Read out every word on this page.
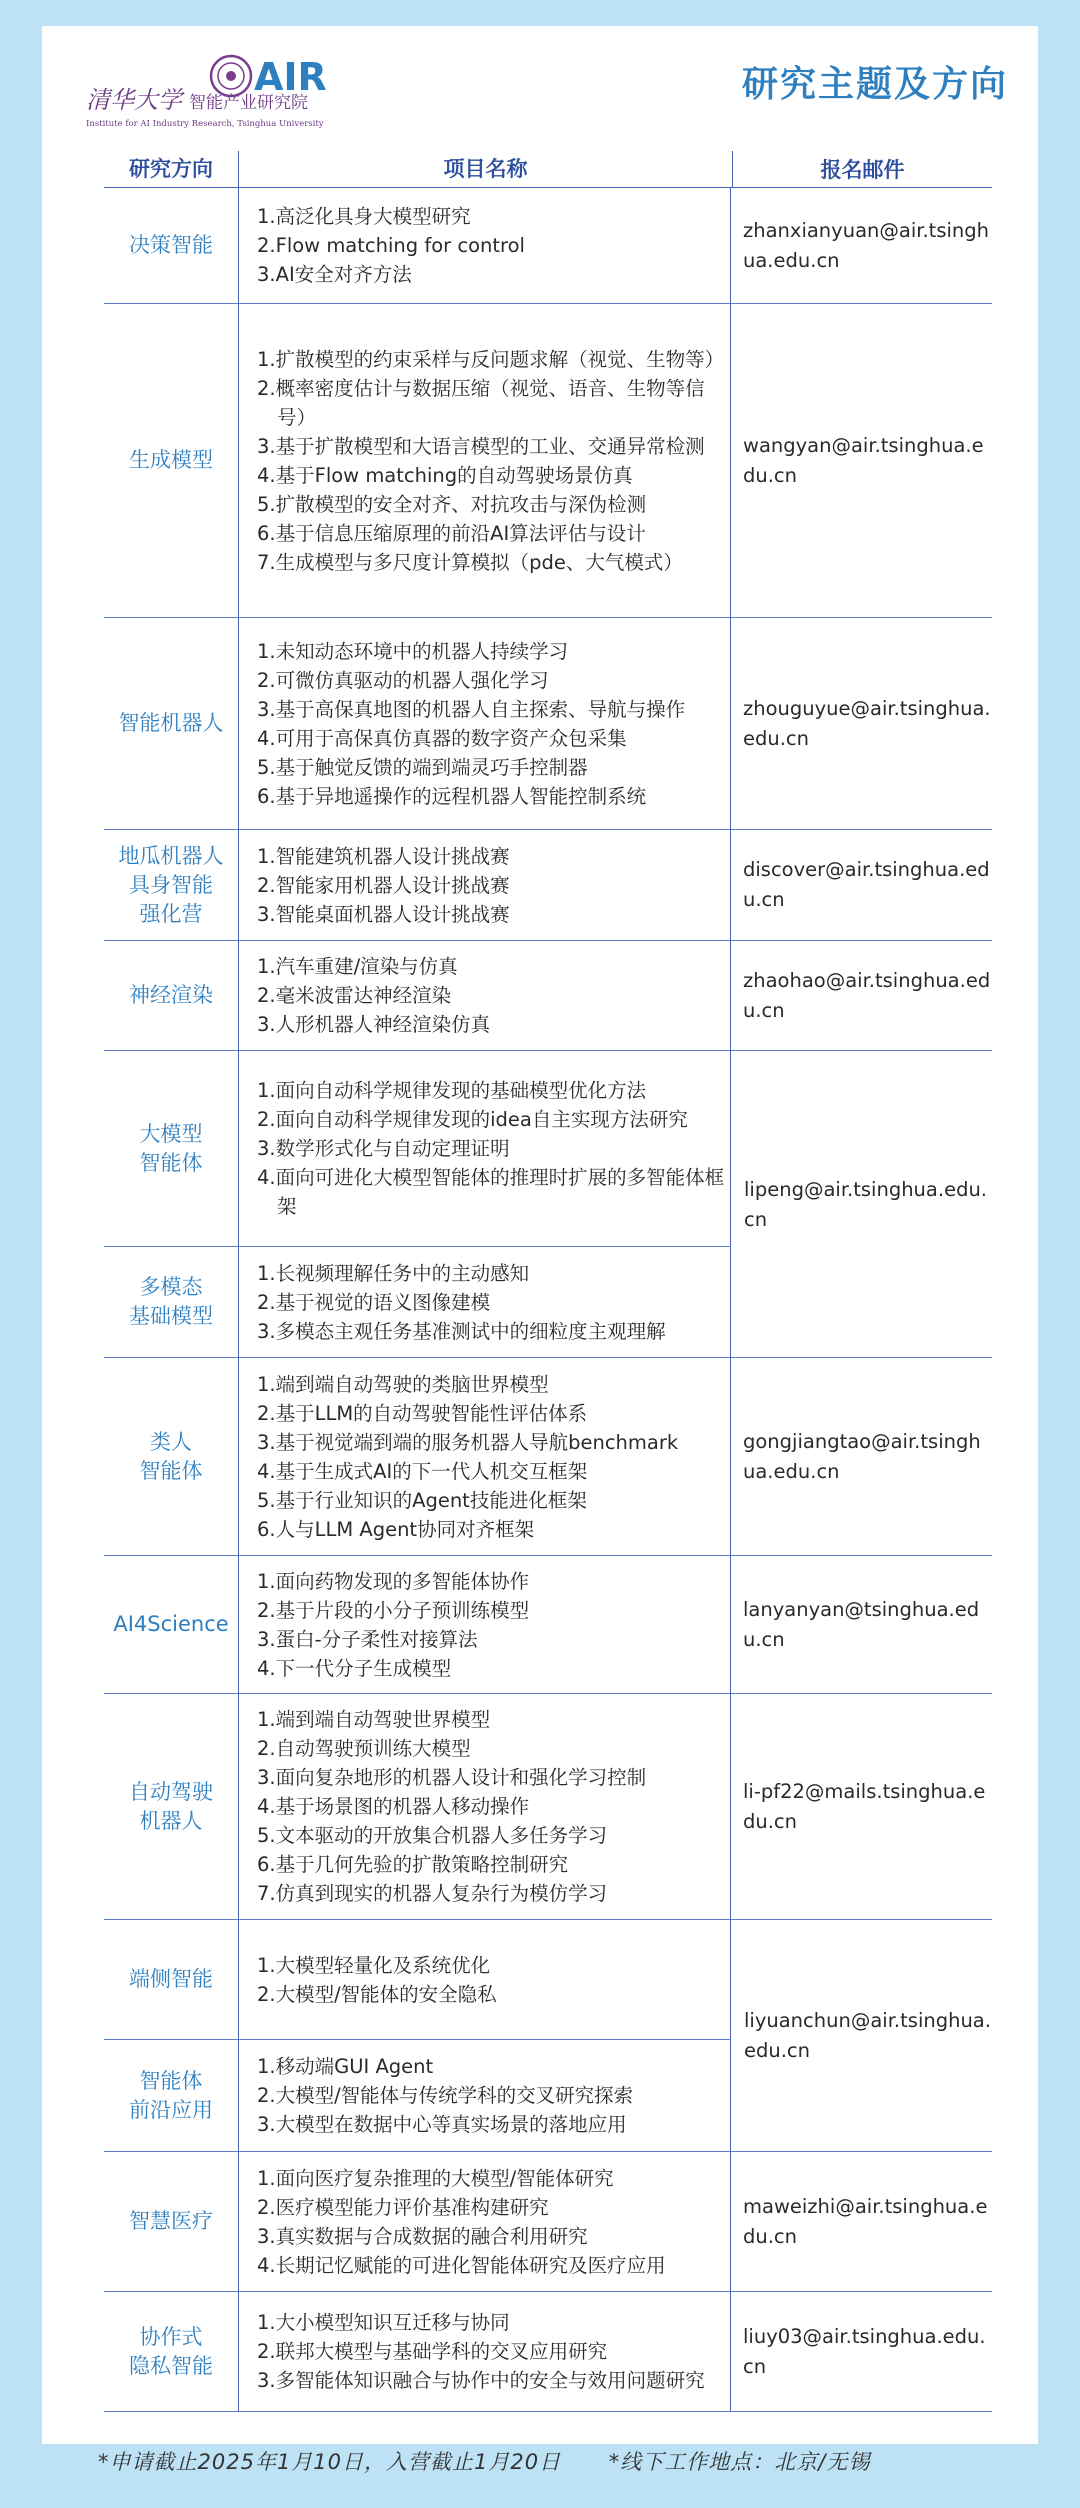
清华大学
AIR
智能产业研究院
Institute for AI Industry Research, Tsinghua University
研究主题及方向
研究方向	项目名称	报名邮件
决策智能
1.高泛化具身大模型研究
2.Flow matching for control
3.AI安全对齐方法
zhanxianyuan@air.tsinghua.edu.cn
生成模型
1.扩散模型的约束采样与反问题求解（视觉、生物等）
2.概率密度估计与数据压缩（视觉、语音、生物等信号）
3.基于扩散模型和大语言模型的工业、交通异常检测
4.基于Flow matching的自动驾驶场景仿真
5.扩散模型的安全对齐、对抗攻击与深伪检测
6.基于信息压缩原理的前沿AI算法评估与设计
7.生成模型与多尺度计算模拟（pde、大气模式）
wangyan@air.tsinghua.edu.cn
智能机器人
1.未知动态环境中的机器人持续学习
2.可微仿真驱动的机器人强化学习
3.基于高保真地图的机器人自主探索、导航与操作
4.可用于高保真仿真器的数字资产众包采集
5.基于触觉反馈的端到端灵巧手控制器
6.基于异地遥操作的远程机器人智能控制系统
zhouguyue@air.tsinghua.edu.cn
地瓜机器人
具身智能
强化营
1.智能建筑机器人设计挑战赛
2.智能家用机器人设计挑战赛
3.智能桌面机器人设计挑战赛
discover@air.tsinghua.edu.cn
神经渲染
1.汽车重建/渲染与仿真
2.毫米波雷达神经渲染
3.人形机器人神经渲染仿真
zhaohao@air.tsinghua.edu.cn
大模型
智能体
1.面向自动科学规律发现的基础模型优化方法
2.面向自动科学规律发现的idea自主实现方法研究
3.数学形式化与自动定理证明
4.面向可进化大模型智能体的推理时扩展的多智能体框架
多模态
基础模型
1.长视频理解任务中的主动感知
2.基于视觉的语义图像建模
3.多模态主观任务基准测试中的细粒度主观理解
类人
智能体
1.端到端自动驾驶的类脑世界模型
2.基于LLM的自动驾驶智能性评估体系
3.基于视觉端到端的服务机器人导航benchmark
4.基于生成式AI的下一代人机交互框架
5.基于行业知识的Agent技能进化框架
6.人与LLM Agent协同对齐框架
gongjiangtao@air.tsinghua.edu.cn
AI4Science
1.面向药物发现的多智能体协作
2.基于片段的小分子预训练模型
3.蛋白-分子柔性对接算法
4.下一代分子生成模型
lanyanyan@tsinghua.edu.cn
自动驾驶
机器人
1.端到端自动驾驶世界模型
2.自动驾驶预训练大模型
3.面向复杂地形的机器人设计和强化学习控制
4.基于场景图的机器人移动操作
5.文本驱动的开放集合机器人多任务学习
6.基于几何先验的扩散策略控制研究
7.仿真到现实的机器人复杂行为模仿学习
li-pf22@mails.tsinghua.edu.cn
端侧智能
1.大模型轻量化及系统优化
2.大模型/智能体的安全隐私
智能体
前沿应用
1.移动端GUI Agent
2.大模型/智能体与传统学科的交叉研究探索
3.大模型在数据中心等真实场景的落地应用
智慧医疗
1.面向医疗复杂推理的大模型/智能体研究
2.医疗模型能力评价基准构建研究
3.真实数据与合成数据的融合利用研究
4.长期记忆赋能的可进化智能体研究及医疗应用
maweizhi@air.tsinghua.edu.cn
协作式
隐私智能
1.大小模型知识互迁移与协同
2.联邦大模型与基础学科的交叉应用研究
3.多智能体知识融合与协作中的安全与效用问题研究
liuy03@air.tsinghua.edu.cn
lipeng@air.tsinghua.edu.cn
liyuanchun@air.tsinghua.edu.cn
*申请截止2025年1月10日，入营截止1月20日 *线下工作地点：北京/无锡
